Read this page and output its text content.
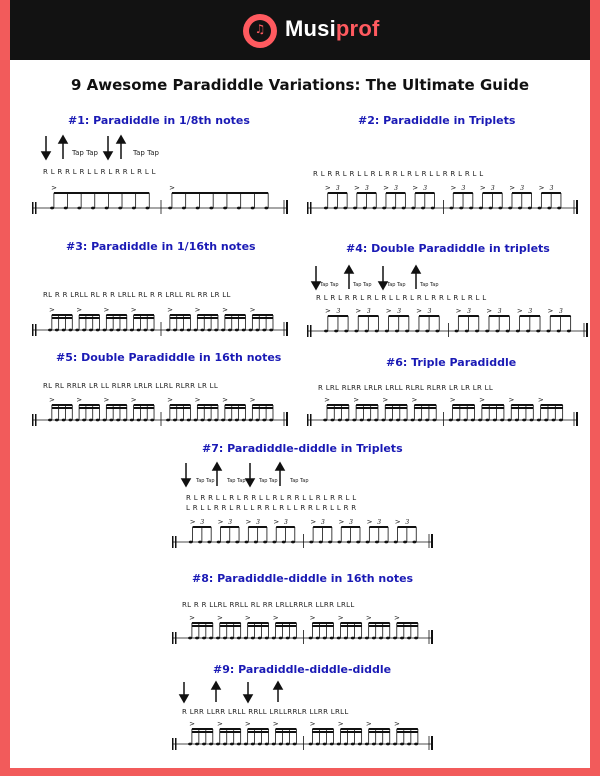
♫ Musiprof
9 Awesome Paradiddle Variations: The Ultimate Guide
#1: Paradiddle in 1/8th notes
Tap Tap	Tap Tap
R L R R L R L L R L R R L R L L
>	>
#2: Paradiddle in Triplets
R L R R L R L L R L R R L R L R L L R R L R L L
>	>	>	>	>	>	>	>
3	3	3	3	3	3	3	3
#3: Paradiddle in 1/16th notes
RL R R LRLL RL R R LRLL RL R R LRLL RL RR LR LL
>	>	>	>	>	>	>	>
#4: Double Paradiddle in triplets
Tap Tap	Tap Tap	Tap Tap	Tap Tap
R L R L R R L R L R L L R L R L R R L R L R L L
>	>	>	>	>	>	>	>
3	3	3	3	3	3	3	3
#5: Double Paradiddle in 16th notes
RL RL RRLR LR LL RLRR LRLR LLRL RLRR LR LL
>	>	>	>	>	>	>	>
#6: Triple Paradiddle
R LRL RLRR LRLR LRLL RLRL RLRR LR LR LR LL
>	>	>	>	>	>	>	>
#7: Paradiddle-diddle in Triplets
Tap Tap Tap Tap	Tap Tap Tap Tap
R L R R L L R L R R L L R L R R L L R L R R L L
L R L L R R L R L L R R L R L L R R L R L L R R
>	>	>	>	>	>	>	>
3	3	3	3	3	3	3	3
#8: Paradiddle-diddle in 16th notes
RL R R LLRL RRLL RL RR LRLLRRLR LLRR LRLL
>	>	>	>	>	>	>	>
#9: Paradiddle-diddle-diddle
R LRR LLRR LRLL RRLL LRLLRRLR LLRR LRLL
>	>	>	>	>	>	>	>
